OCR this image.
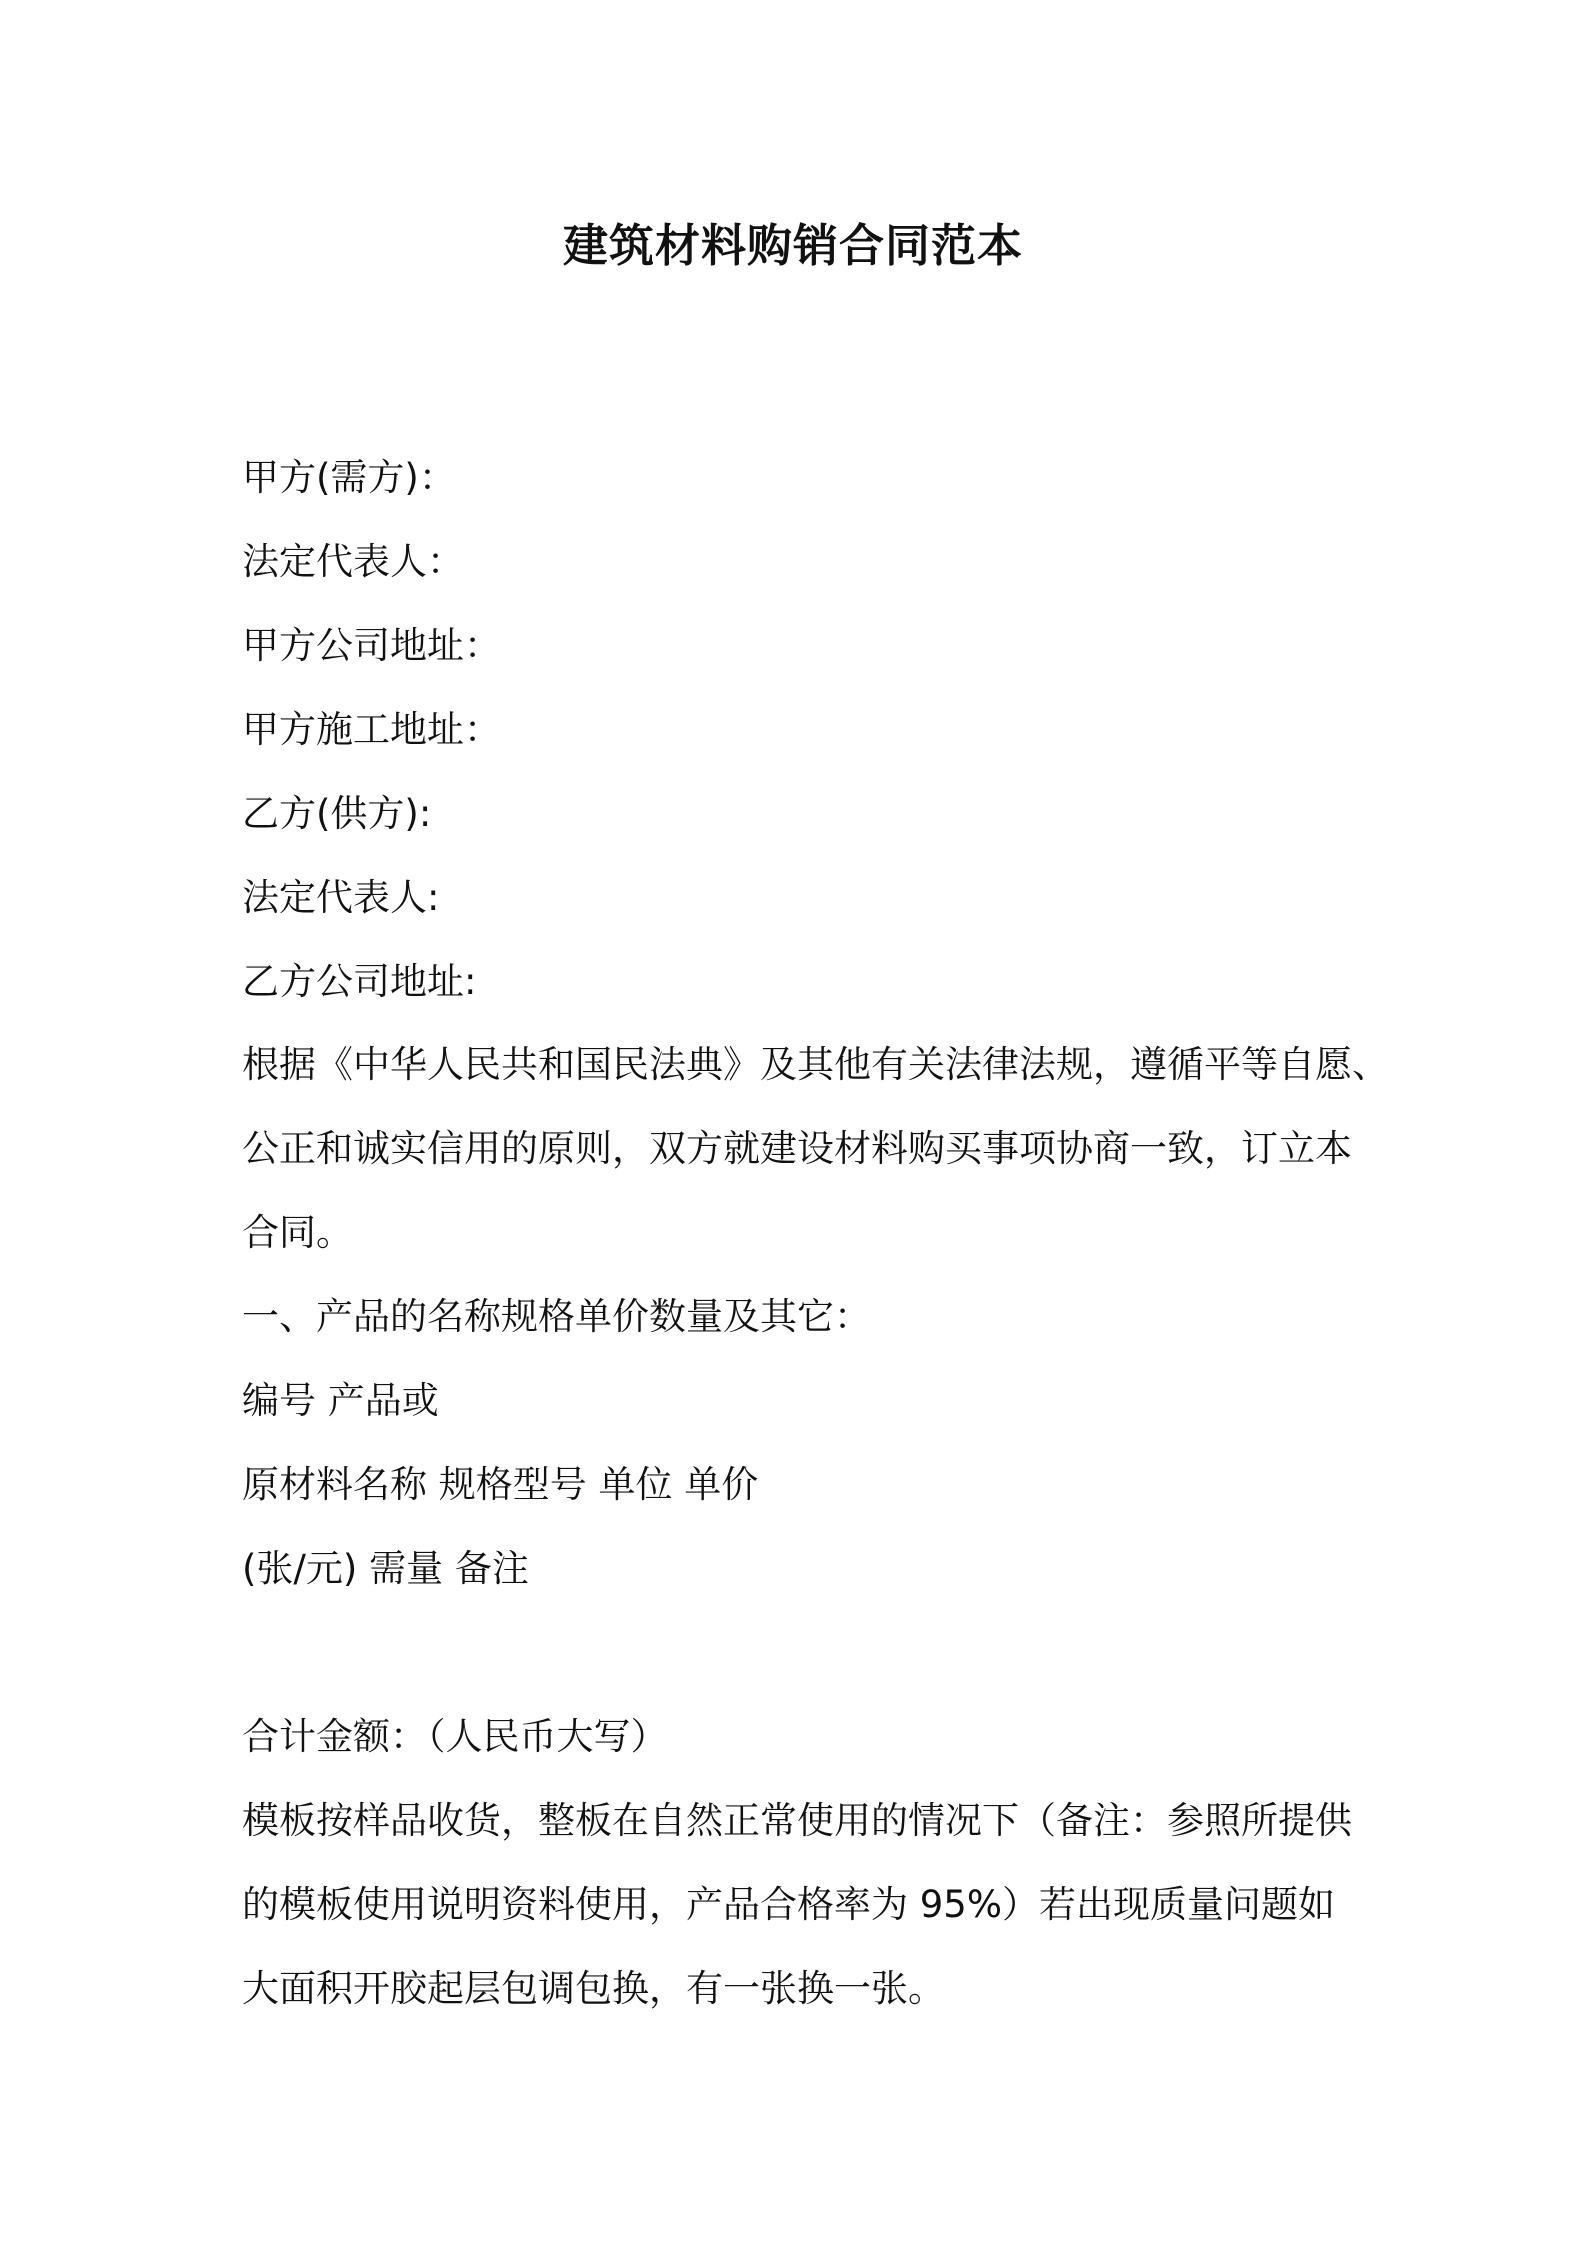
建筑材料购销合同范本
甲方(需方)：
法定代表人：
甲方公司地址：
甲方施工地址：
乙方(供方):
法定代表人:
乙方公司地址:
根据《中华人民共和国民法典》及其他有关法律法规，遵循平等自愿、
公正和诚实信用的原则，双方就建设材料购买事项协商一致，订立本
合同。
一、产品的名称规格单价数量及其它：
编号 产品或
原材料名称 规格型号 单位 单价
(张/元) 需量 备注
合计金额：（人民币大写）
模板按样品收货，整板在自然正常使用的情况下（备注：参照所提供
的模板使用说明资料使用，产品合格率为 95%）若出现质量问题如
大面积开胶起层包调包换，有一张换一张。
